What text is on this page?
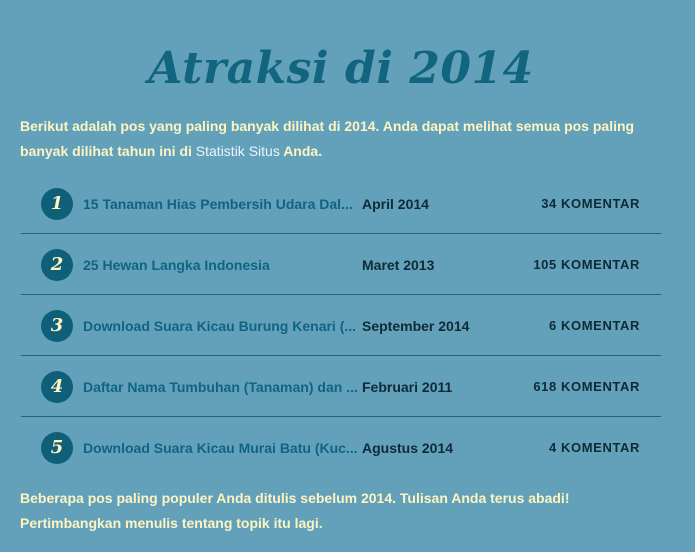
Atraksi di 2014

Berikut adalah pos yang paling banyak dilihat di 2014. Anda dapat melihat semua pos paling banyak dilihat tahun ini di Statistik Situs Anda.

1	15 Tanaman Hias Pembersih Udara Dal... April 2014	34 KOMENTAR
2	25 Hewan Langka Indonesia	Maret 2013	105 KOMENTAR
3	Download Suara Kicau Burung Kenari (... September 2014	6 KOMENTAR
4	Daftar Nama Tumbuhan (Tanaman) dan ... Februari 2011	618 KOMENTAR
5	Download Suara Kicau Murai Batu (Kuc... Agustus 2014	4 KOMENTAR
Beberapa pos paling populer Anda ditulis sebelum 2014. Tulisan Anda terus abadi!
Pertimbangkan menulis tentang topik itu lagi.
